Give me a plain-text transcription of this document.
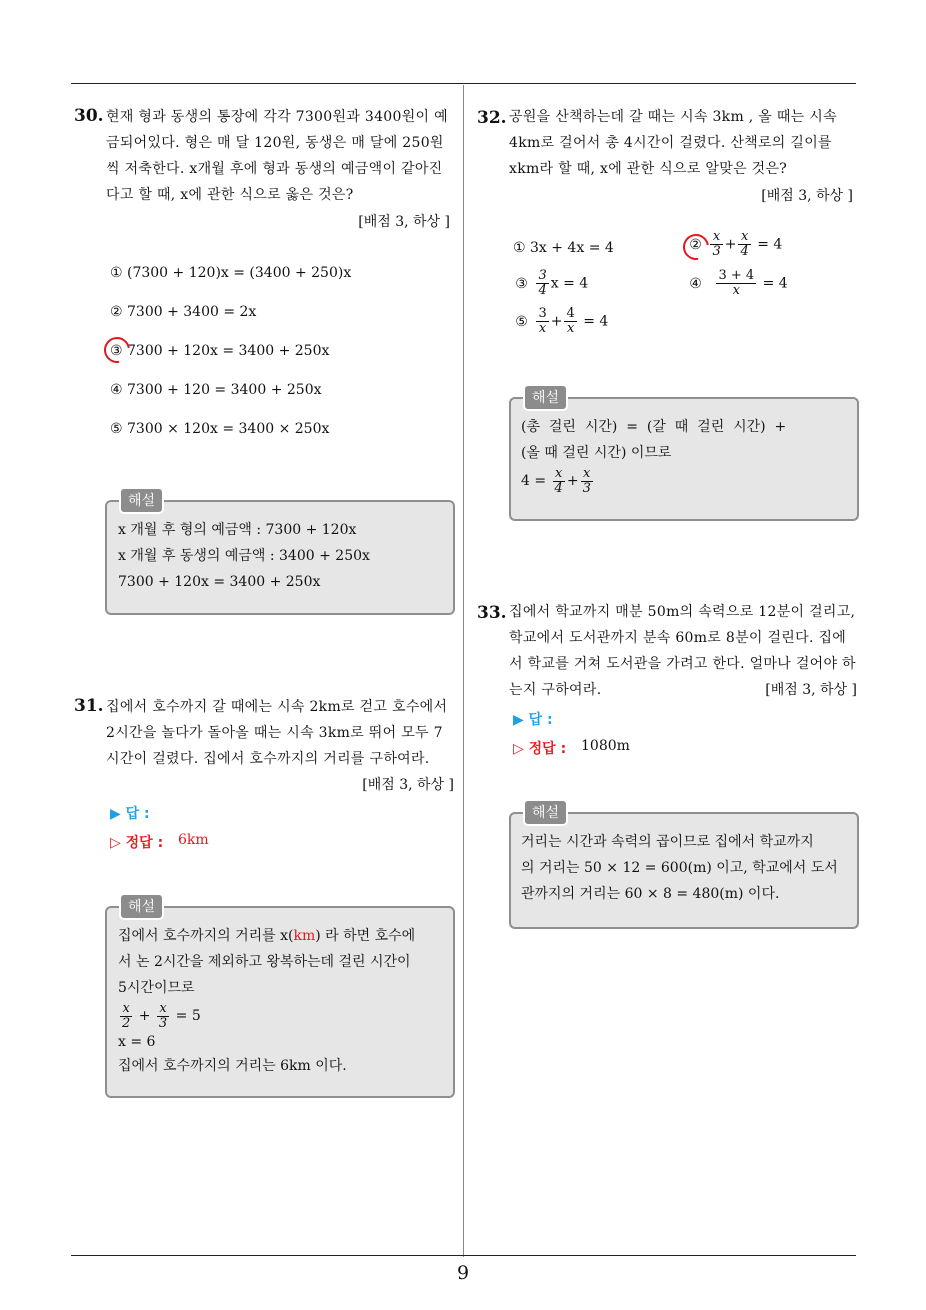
9
30. 현재 형과 동생의 통장에 각각 7300원과 3400원이 예금되어있다. 형은 매 달 120원, 동생은 매 달에 250원씩 저축한다. x개월 후에 형과 동생의 예금액이 같아진다고 할 때, x에 관한 식으로 옳은 것은?
[배점 3, 하상 ]
① (7300 + 120)x = (3400 + 250)x
② 7300 + 3400 = 2x
③ 7300 + 120x = 3400 + 250x
④ 7300 + 120 = 3400 + 250x
⑤ 7300 × 120x = 3400 × 250x
해설
x 개월 후 형의 예금액 : 7300 + 120x
x 개월 후 동생의 예금액 : 3400 + 250x
7300 + 120x = 3400 + 250x
31. 집에서 호수까지 갈 때에는 시속 2km로 걷고 호수에서 2시간을 놀다가 돌아올 때는 시속 3km로 뛰어 모두 7시간이 걸렸다. 집에서 호수까지의 거리를 구하여라.
[배점 3, 하상 ]
▶ 답 :
▷ 정답 : 6km
해설
집에서 호수까지의 거리를 x(km) 라 하면 호수에
서 논 2시간을 제외하고 왕복하는데 걸린 시간이
5시간이므로
$\frac{x}{2} + \frac{x}{3} = 5$
x = 6
집에서 호수까지의 거리는 6km 이다.
32. 공원을 산책하는데 갈 때는 시속 3km , 올 때는 시속 4km로 걸어서 총 4시간이 걸렸다. 산책로의 길이를 xkm라 할 때, x에 관한 식으로 알맞은 것은?
[배점 3, 하상 ]
① 3x + 4x = 4	② $\frac{x}{3} + \frac{x}{4} = 4$
③ $\frac{3}{4}$ x = 4	④ $\frac{3 + 4}{x} = 4$
⑤ $\frac{3}{x} + \frac{4}{x} = 4$
해설
(총  걸린  시간)  =  (갈  때  걸린  시간)  +
(올 때 걸린 시간) 이므로
$4 = \frac{x}{4} + \frac{x}{3}$
33. 집에서 학교까지 매분 50m의 속력으로 12분이 걸리고, 학교에서 도서관까지 분속 60m로 8분이 걸린다. 집에서 학교를 거쳐 도서관을 가려고 한다. 얼마나 걸어야 하는지 구하여라.	[배점 3, 하상 ]
▶ 답 :
▷ 정답 : 1080m
해설
거리는 시간과 속력의 곱이므로 집에서 학교까지
의 거리는 50 × 12 = 600(m) 이고, 학교에서 도서
관까지의 거리는 60 × 8 = 480(m) 이다.
